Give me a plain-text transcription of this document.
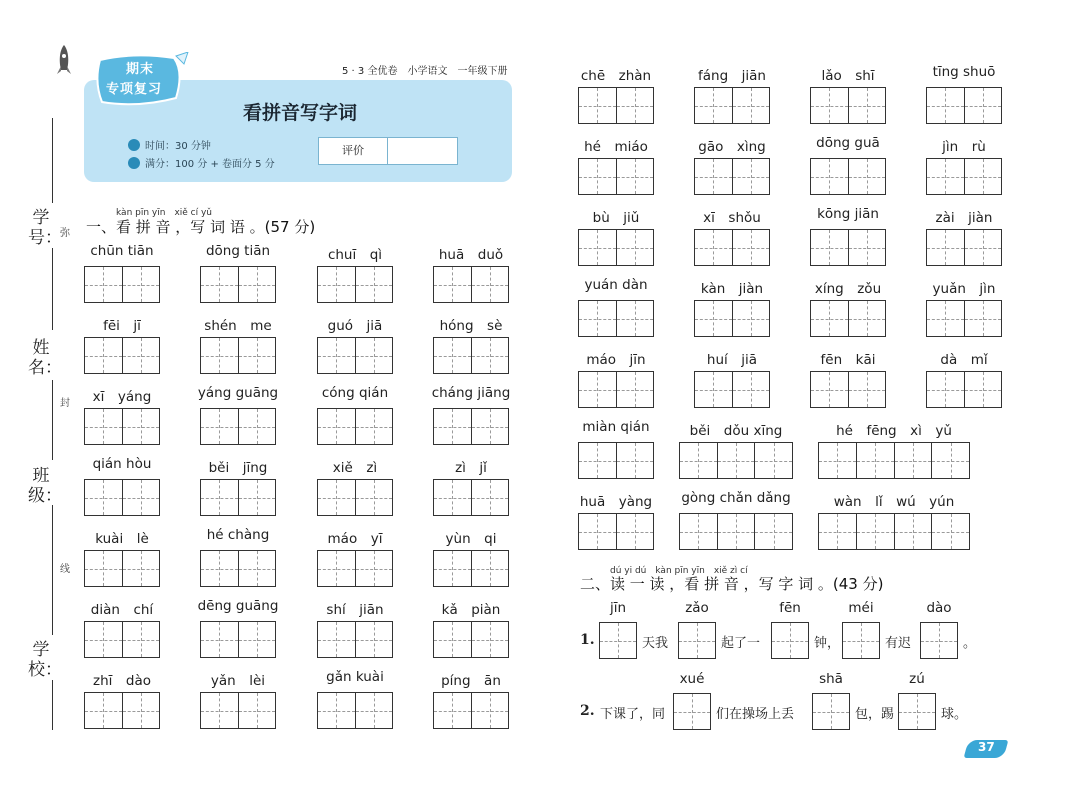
学号：
姓名：
班级：
学校：
弥
封
线
期末
专项复习
5 · 3 全优卷　小学语文　一年级下册
看拼音写字词
时间：30 分钟
满分：100 分 + 卷面分 5 分
评价
kàn pīn yīn　xiě cí yǔ
一、看 拼 音 ，写 词 语 。(57 分)
chūn tiān	dōng tiān	chuī　qì	huā　duǒ
fēi　jī	shén　me	guó　jiā	hóng　sè
xī　yáng	yáng guāng	cóng qián	cháng jiāng
qián hòu	běi　jīng	xiě　zì	zì　jǐ
kuài　lè	hé chàng	máo　yī	yùn　qi
diàn　chí	dēng guāng	shí　jiān	kǎ　piàn
zhī　dào	yǎn　lèi	gǎn kuài	píng　ān
chē　zhàn	fáng　jiān	lǎo　shī	tīng shuō
hé　miáo	gāo　xìng	dōng guā	jìn　rù
bù　jiǔ	xī　shǒu	kōng jiān	zài　jiàn
yuán dàn	kàn　jiàn	xíng　zǒu	yuǎn　jìn
máo　jīn	huí　jiā	fēn　kāi	dà　mǐ
miàn qián	běi　dǒu xīng	hé　fēng　xì　yǔ
huā　yàng	gòng chǎn dǎng	wàn　lǐ　wú　yún
dú yi dú　kàn pīn yīn　xiě zì cí
二、读 一 读 ，看 拼 音 ，写 字 词 。(43 分)
1.
jīn
天我
zǎo
起了一
fēn
钟，
méi
有迟
dào
。
2. 下课了，同
xué
们在操场上丢
shā
包，踢
zú
球。
37
